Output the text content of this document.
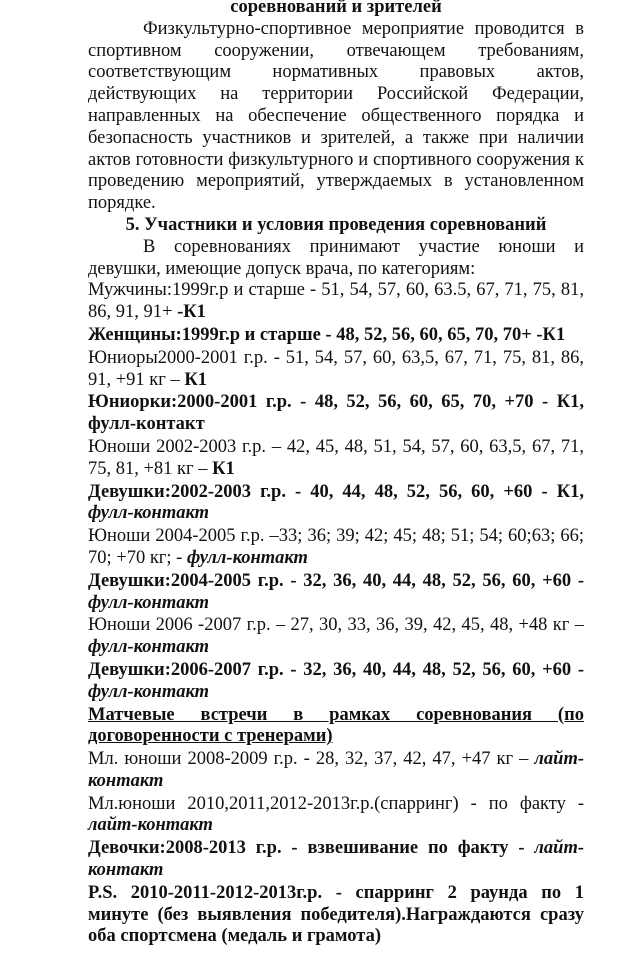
соревнований и зрителей

Физкультурно-спортивное мероприятие проводится в спортивном сооружении, отвечающем требованиям, соответствующим нормативных правовых актов, действующих на территории Российской Федерации, направленных на обеспечение общественного порядка и безопасность участников и зрителей, а также при наличии актов готовности физкультурного и спортивного сооружения к проведению мероприятий, утверждаемых в установленном порядке.

5. Участники и условия проведения соревнований

В соревнованиях принимают участие юноши и девушки, имеющие допуск врача, по категориям:

Мужчины:1999г.р и старше - 51, 54, 57, 60, 63.5, 67, 71, 75, 81, 86, 91, 91+ -К1

Женщины:1999г.р и старше - 48, 52, 56, 60, 65, 70, 70+ -К1

Юниоры2000-2001 г.р. - 51, 54, 57, 60, 63,5, 67, 71, 75, 81, 86, 91, +91 кг – К1

Юниорки:2000-2001 г.р. - 48, 52, 56, 60, 65, 70, +70 - К1, фулл-контакт

Юноши 2002-2003 г.р. – 42, 45, 48, 51, 54, 57, 60, 63,5, 67, 71, 75, 81, +81 кг – К1

Девушки:2002-2003 г.р. - 40, 44, 48, 52, 56, 60, +60 - К1, фулл-контакт

Юноши 2004-2005 г.р. –33; 36; 39; 42; 45; 48; 51; 54; 60;63; 66; 70; +70 кг; - фулл-контакт

Девушки:2004-2005 г.р. - 32, 36, 40, 44, 48, 52, 56, 60, +60 - фулл-контакт

Юноши 2006 -2007 г.р. – 27, 30, 33, 36, 39, 42, 45, 48, +48 кг – фулл-контакт

Девушки:2006-2007 г.р. - 32, 36, 40, 44, 48, 52, 56, 60, +60 - фулл-контакт

Матчевые встречи в рамках соревнования (по договоренности с тренерами)

Мл. юноши 2008-2009 г.р. - 28, 32, 37, 42, 47, +47 кг – лайт-контакт

Мл.юноши 2010,2011,2012-2013г.р.(спарринг) - по факту - лайт-контакт

Девочки:2008-2013 г.р. - взвешивание по факту - лайт-контакт

P.S. 2010-2011-2012-2013г.р. - спарринг 2 раунда по 1 минуте (без выявления победителя).Награждаются сразу оба спортсмена (медаль и грамота)
